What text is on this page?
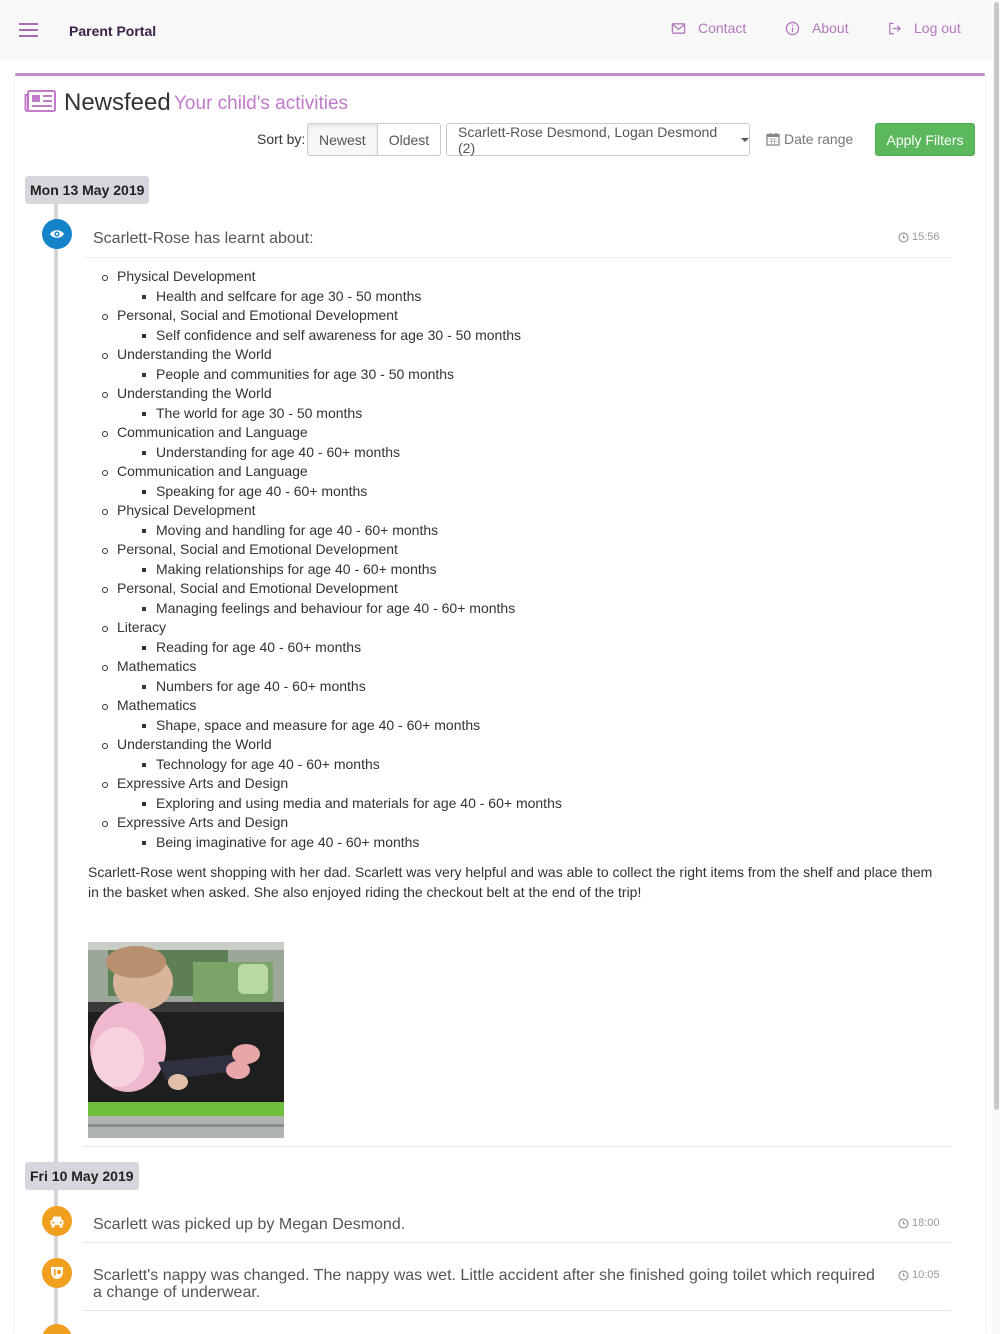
Parent Portal	Contact	About	Log out
Newsfeed Your child's activities
Sort by: Newest	Oldest	Scarlett-Rose Desmond, Logan Desmond (2)
Date range	Apply Filters
Mon 13 May 2019
Scarlett-Rose has learnt about:	15:56
Physical Development
Health and selfcare for age 30 - 50 months
Personal, Social and Emotional Development
Self confidence and self awareness for age 30 - 50 months
Understanding the World
People and communities for age 30 - 50 months
Understanding the World
The world for age 30 - 50 months
Communication and Language
Understanding for age 40 - 60+ months
Communication and Language
Speaking for age 40 - 60+ months
Physical Development
Moving and handling for age 40 - 60+ months
Personal, Social and Emotional Development
Making relationships for age 40 - 60+ months
Personal, Social and Emotional Development
Managing feelings and behaviour for age 40 - 60+ months
Literacy
Reading for age 40 - 60+ months
Mathematics
Numbers for age 40 - 60+ months
Mathematics
Shape, space and measure for age 40 - 60+ months
Understanding the World
Technology for age 40 - 60+ months
Expressive Arts and Design
Exploring and using media and materials for age 40 - 60+ months
Expressive Arts and Design
Being imaginative for age 40 - 60+ months
Scarlett-Rose went shopping with her dad. Scarlett was very helpful and was able to collect the right items from the shelf and place them in the basket when asked. She also enjoyed riding the checkout belt at the end of the trip!
Fri 10 May 2019
Scarlett was picked up by Megan Desmond.	18:00
Scarlett's nappy was changed. The nappy was wet. Little accident after she finished going toilet which required a change of underwear.
10:05
